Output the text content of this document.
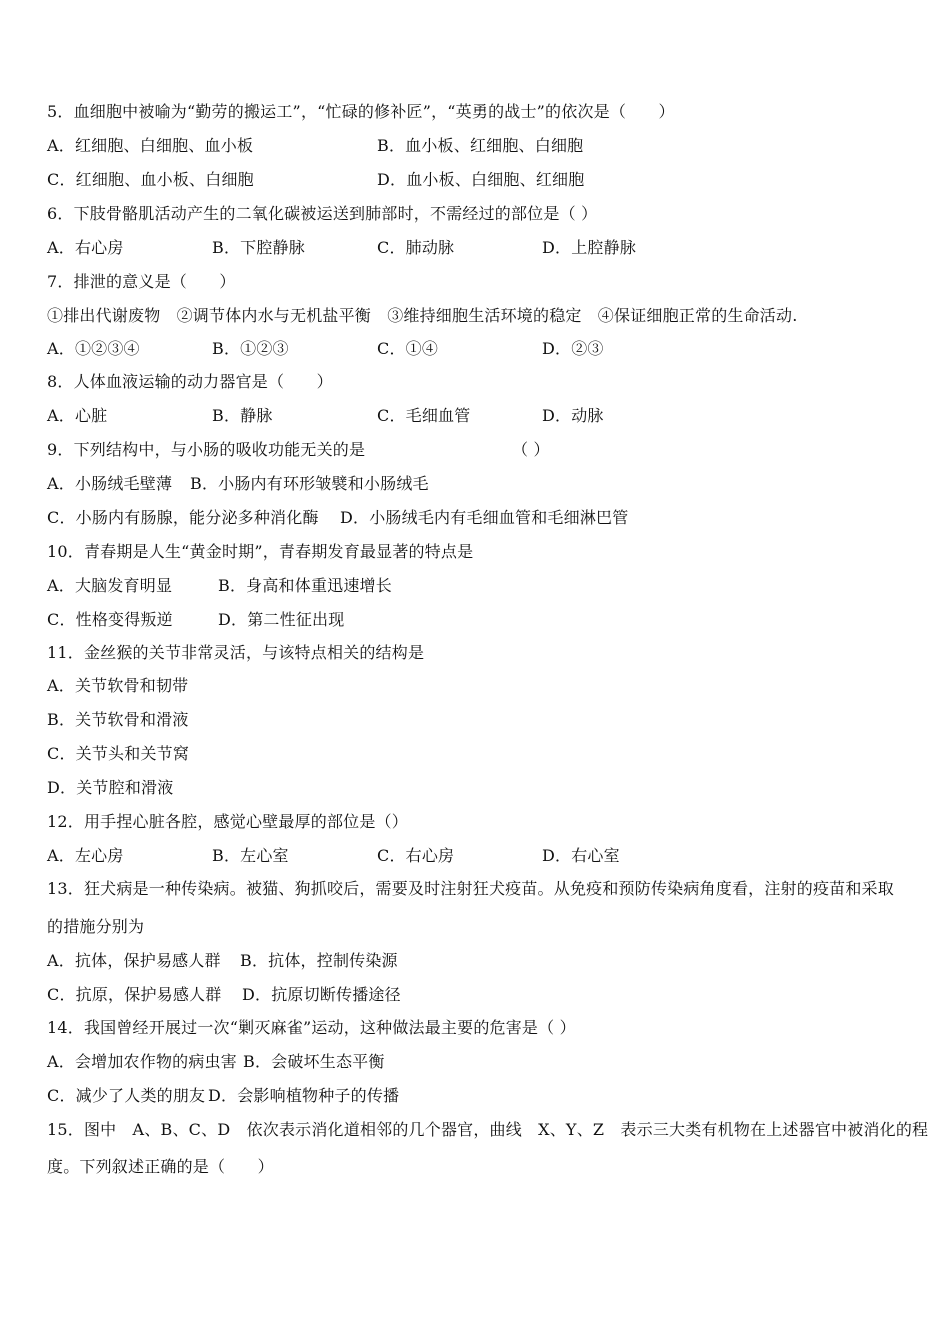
5．血细胞中被喻为“勤劳的搬运工”，“忙碌的修补匠”，“英勇的战士”的依次是（　　）
A．红细胞、白细胞、血小板	B．血小板、红细胞、白细胞
C．红细胞、血小板、白细胞	D．血小板、白细胞、红细胞
6．下肢骨骼肌活动产生的二氧化碳被运送到肺部时，不需经过的部位是（ ）
A．右心房	B．下腔静脉	C．肺动脉	D．上腔静脉
7．排泄的意义是（　　）
①排出代谢废物　②调节体内水与无机盐平衡　③维持细胞生活环境的稳定　④保证细胞正常的生命活动.
A．①②③④	B．①②③	C．①④	D．②③
8．人体血液运输的动力器官是（　　）
A．心脏	B．静脉	C．毛细血管	D．动脉
9．下列结构中，与小肠的吸收功能无关的是	（ ）
A．小肠绒毛壁薄 B．小肠内有环形皱襞和小肠绒毛
C．小肠内有肠腺，能分泌多种消化酶 D．小肠绒毛内有毛细血管和毛细淋巴管
10．青春期是人生“黄金时期”，青春期发育最显著的特点是
A．大脑发育明显	B．身高和体重迅速增长
C．性格变得叛逆	D．第二性征出现
11．金丝猴的关节非常灵活，与该特点相关的结构是
A．关节软骨和韧带
B．关节软骨和滑液
C．关节头和关节窝
D．关节腔和滑液
12．用手捏心脏各腔，感觉心壁最厚的部位是（）
A．左心房	B．左心室	C．右心房	D．右心室
13．狂犬病是一种传染病。被猫、狗抓咬后，需要及时注射狂犬疫苗。从免疫和预防传染病角度看，注射的疫苗和采取
的措施分别为
A．抗体，保护易感人群 B．抗体，控制传染源
C．抗原，保护易感人群 D．抗原切断传播途径
14．我国曾经开展过一次“剿灭麻雀”运动，这种做法最主要的危害是（ ）
A．会增加农作物的病虫害 B．会破坏生态平衡
C．减少了人类的朋友 D．会影响植物种子的传播
15．图中　A、B、C、D　依次表示消化道相邻的几个器官，曲线　X、Y、Z　表示三大类有机物在上述器官中被消化的程
度。下列叙述正确的是（　　）
